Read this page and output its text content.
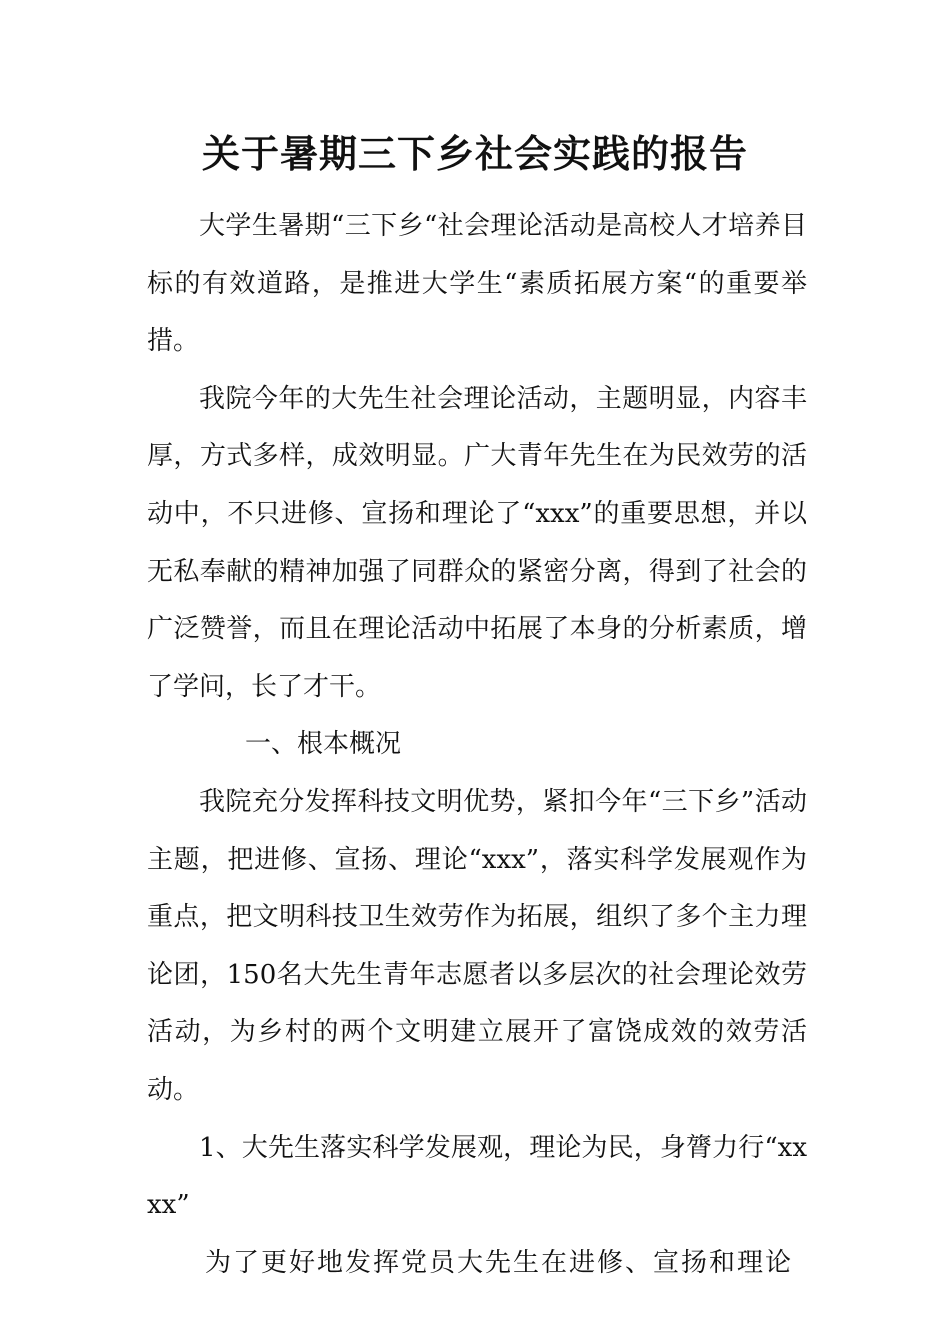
关于暑期三下乡社会实践的报告

大学生暑期“三下乡“社会理论活动是高校人才培养目标的有效道路，是推进大学生“素质拓展方案“的重要举措。

我院今年的大先生社会理论活动，主题明显，内容丰厚，方式多样，成效明显。广大青年先生在为民效劳的活动中，不只进修、宣扬和理论了“xxx”的重要思想，并以无私奉献的精神加强了同群众的紧密分离，得到了社会的广泛赞誉，而且在理论活动中拓展了本身的分析素质，增了学问，长了才干。

一、根本概况

我院充分发挥科技文明优势，紧扣今年“三下乡”活动主题，把进修、宣扬、理论“xxx”，落实科学发展观作为重点，把文明科技卫生效劳作为拓展，组织了多个主力理论团，150名大先生青年志愿者以多层次的社会理论效劳活动，为乡村的两个文明建立展开了富饶成效的效劳活动。

1、大先生落实科学发展观，理论为民，身膂力行“xxxx”

为了更好地发挥党员大先生在进修、宣扬和理论
